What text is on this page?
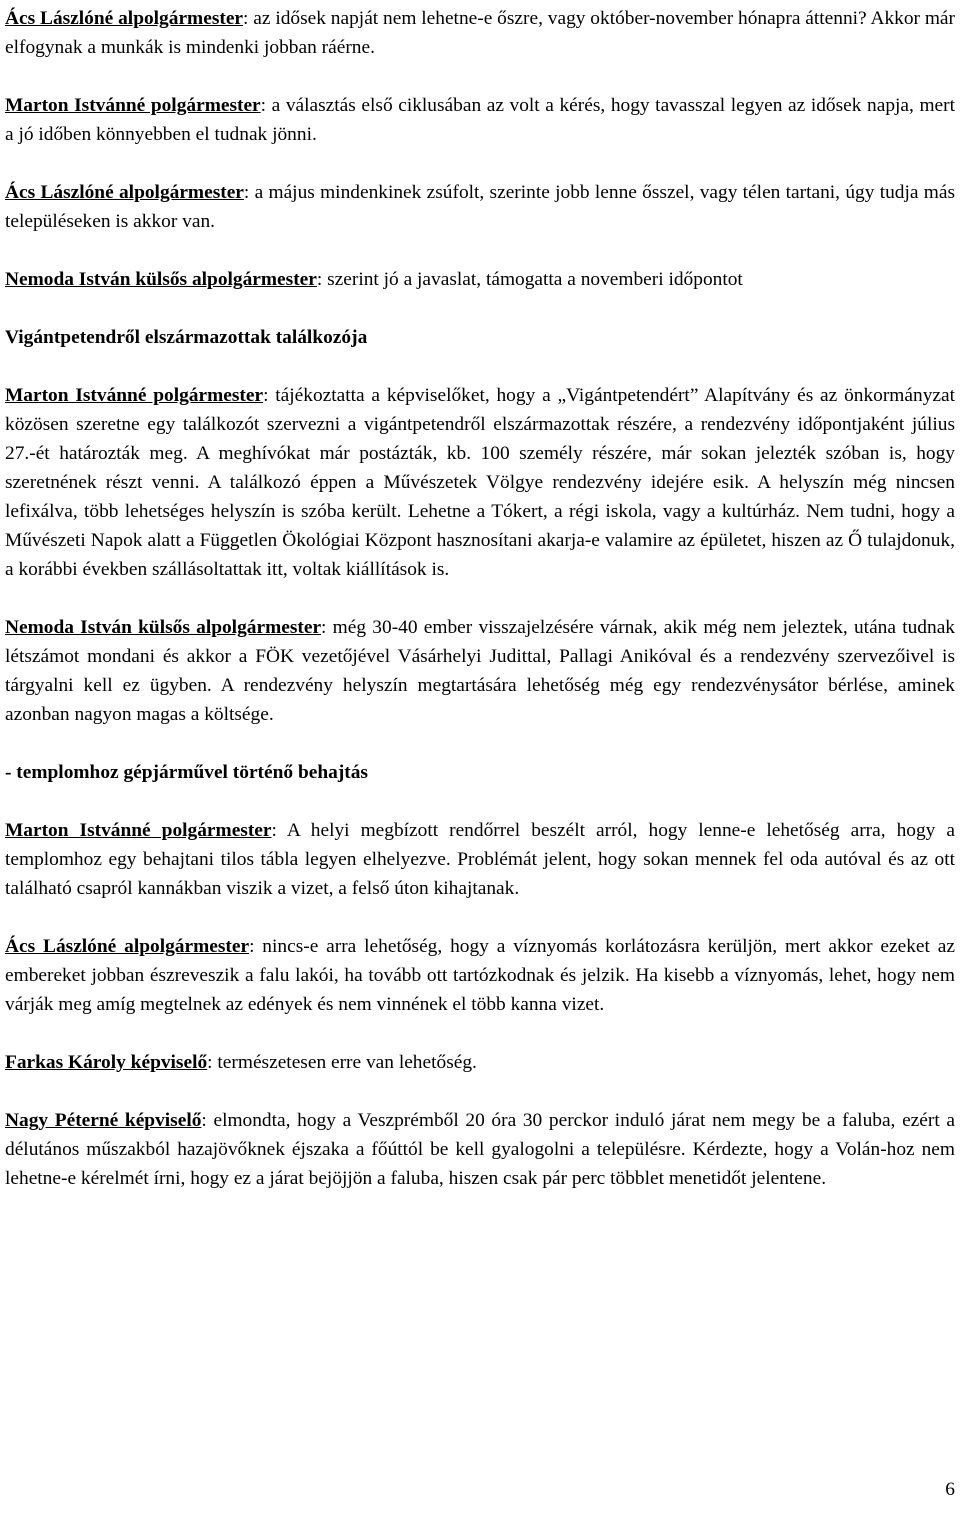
Ács Lászlóné alpolgármester: az idősek napját nem lehetne-e őszre, vagy október-november hónapra áttenni? Akkor már elfogynak a munkák is mindenki jobban ráérne.

Marton Istvánné polgármester: a választás első ciklusában az volt a kérés, hogy tavasszal legyen az idősek napja, mert a jó időben könnyebben el tudnak jönni.

Ács Lászlóné alpolgármester: a május mindenkinek zsúfolt, szerinte jobb lenne ősszel, vagy télen tartani, úgy tudja más településeken is akkor van.

Nemoda István külsős alpolgármester: szerint jó a javaslat, támogatta a novemberi időpontot

Vigántpetendről elszármazottak találkozója

Marton Istvánné polgármester: tájékoztatta a képviselőket, hogy a „Vigántpetendért” Alapítvány és az önkormányzat közösen szeretne egy találkozót szervezni a vigántpetendről elszármazottak részére, a rendezvény időpontjaként július 27.-ét határozták meg. A meghívókat már postázták, kb. 100 személy részére, már sokan jelezték szóban is, hogy szeretnének részt venni. A találkozó éppen a Művészetek Völgye rendezvény idejére esik. A helyszín még nincsen lefixálva, több lehetséges helyszín is szóba került. Lehetne a Tókert, a régi iskola, vagy a kultúrház. Nem tudni, hogy a Művészeti Napok alatt a Független Ökológiai Központ hasznosítani akarja-e valamire az épületet, hiszen az Ő tulajdonuk, a korábbi években szállásoltattak itt, voltak kiállítások is.

Nemoda István külsős alpolgármester: még 30-40 ember visszajelzésére várnak, akik még nem jeleztek, utána tudnak létszámot mondani és akkor a FÖK vezetőjével Vásárhelyi Judittal, Pallagi Anikóval és a rendezvény szervezőivel is tárgyalni kell ez ügyben. A rendezvény helyszín megtartására lehetőség még egy rendezvénysátor bérlése, aminek azonban nagyon magas a költsége.

- templomhoz gépjárművel történő behajtás

Marton Istvánné polgármester: A helyi megbízott rendőrrel beszélt arról, hogy lenne-e lehetőség arra, hogy a templomhoz egy behajtani tilos tábla legyen elhelyezve. Problémát jelent, hogy sokan mennek fel oda autóval és az ott található csapról kannákban viszik a vizet, a felső úton kihajtanak.

Ács Lászlóné alpolgármester: nincs-e arra lehetőség, hogy a víznyomás korlátozásra kerüljön, mert akkor ezeket az embereket jobban észreveszik a falu lakói, ha tovább ott tartózkodnak és jelzik. Ha kisebb a víznyomás, lehet, hogy nem várják meg amíg megtelnek az edények és nem vinnének el több kanna vizet.

Farkas Károly képviselő: természetesen erre van lehetőség.

Nagy Péterné képviselő: elmondta, hogy a Veszprémből 20 óra 30 perckor induló járat nem megy be a faluba, ezért a délutános műszakból hazajövőknek éjszaka a főúttól be kell gyalogolni a településre. Kérdezte, hogy a Volán-hoz nem lehetne-e kérelmét írni, hogy ez a járat bejöjjön a faluba, hiszen csak pár perc többlet menetidőt jelentene.

6
